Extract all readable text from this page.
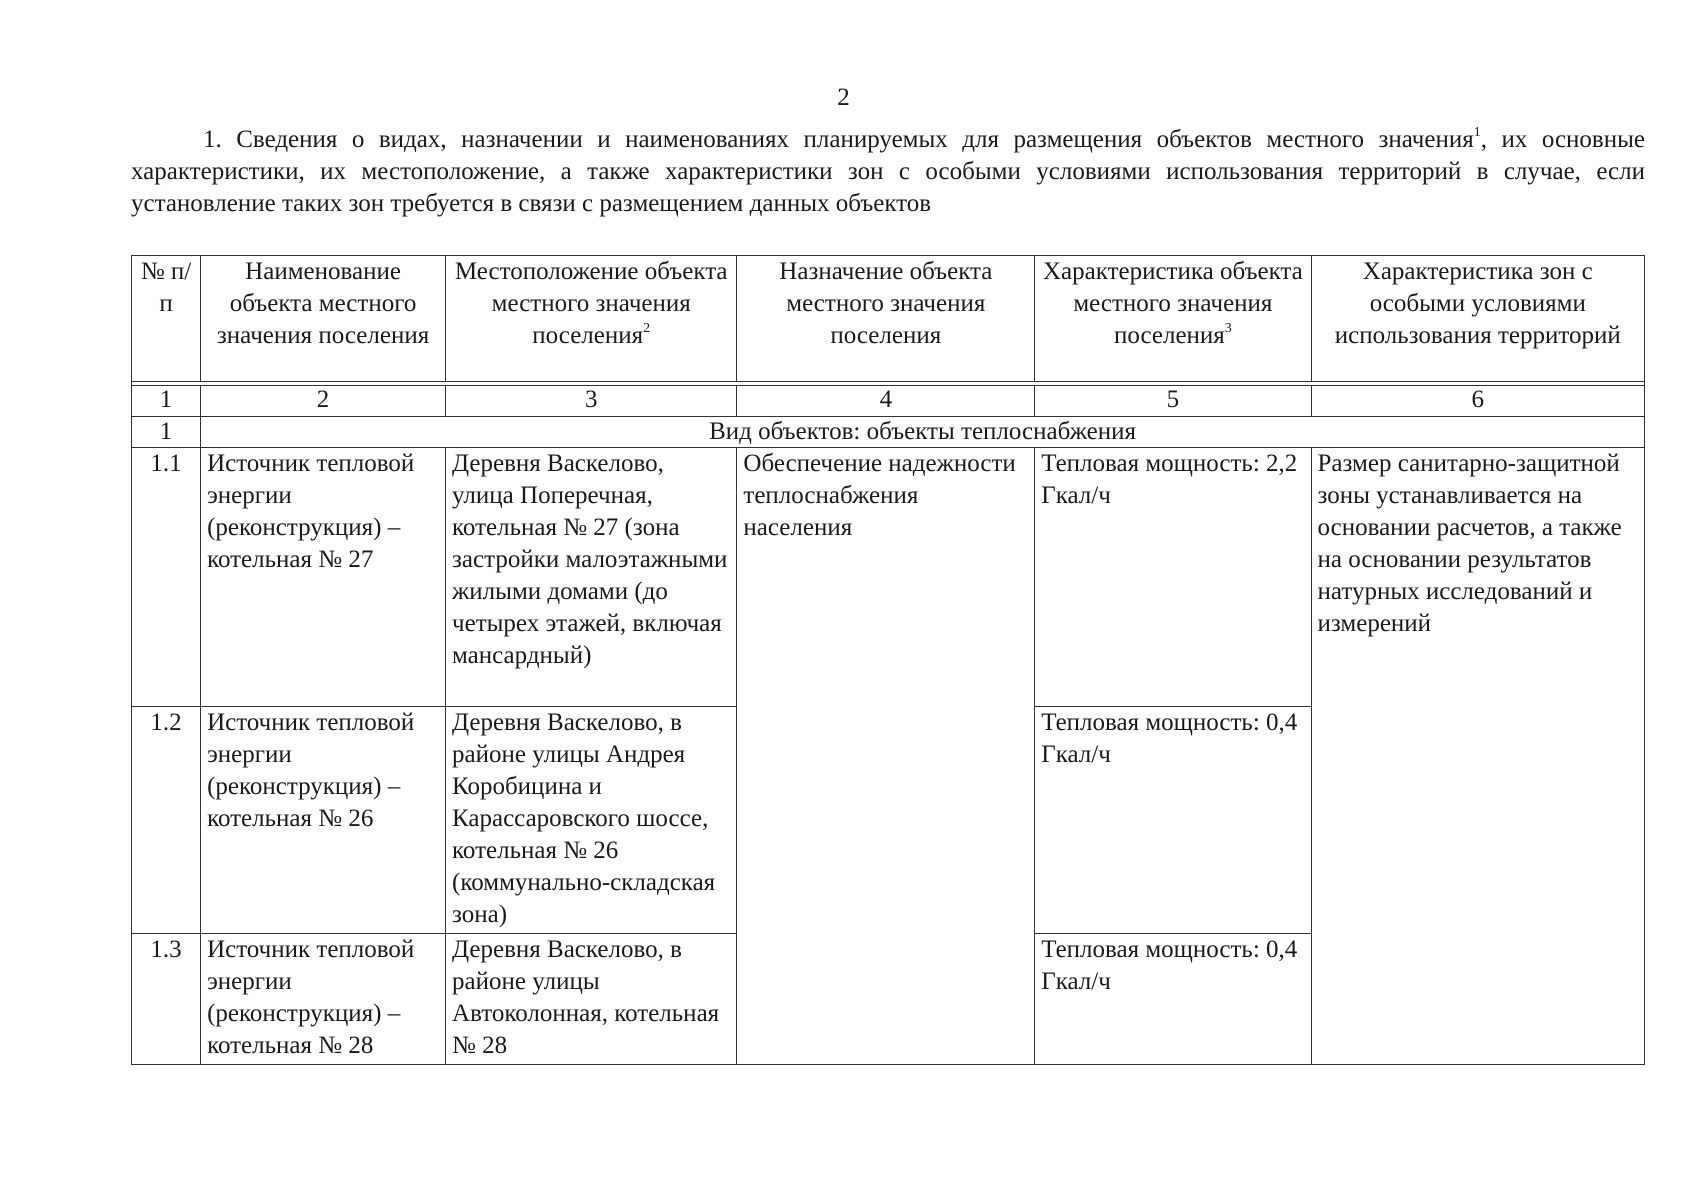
2

1. Сведения о видах, назначении и наименованиях планируемых для размещения объектов местного значения$^1$, их основные характеристики, их местоположение, а также характеристики зон с особыми условиями использования территорий в случае, если установление таких зон требуется в связи с размещением данных объектов

№ п/п	Наименование объекта местного значения поселения	Местоположение объекта местного значения поселения$^2$	Назначение объекта местного значения поселения	Характеристика объекта местного значения поселения$^3$	Характеристика зон с особыми условиями использования территорий

1	2	3	4	5	6
1	Вид объектов: объекты теплоснабжения				
1.1	Источник тепловой энергии (реконструкция) – котельная № 27	Деревня Васкелово, улица Поперечная, котельная № 27 (зона застройки малоэтажными жилыми домами (до четырех этажей, включая мансардный)	Обеспечение надежности теплоснабжения населения	Тепловая мощность: 2,2 Гкал/ч	Размер санитарно-защитной зоны устанавливается на основании расчетов, а также на основании результатов натурных исследований и измерений
1.2	Источник тепловой энергии (реконструкция) – котельная № 26	Деревня Васкелово, в районе улицы Андрея Коробицина и Карассаровского шоссе, котельная № 26 (коммунально-складская зона)		Тепловая мощность: 0,4 Гкал/ч	
1.3	Источник тепловой энергии (реконструкция) – котельная № 28	Деревня Васкелово, в районе улицы Автоколонная, котельная № 28		Тепловая мощность: 0,4 Гкал/ч	
